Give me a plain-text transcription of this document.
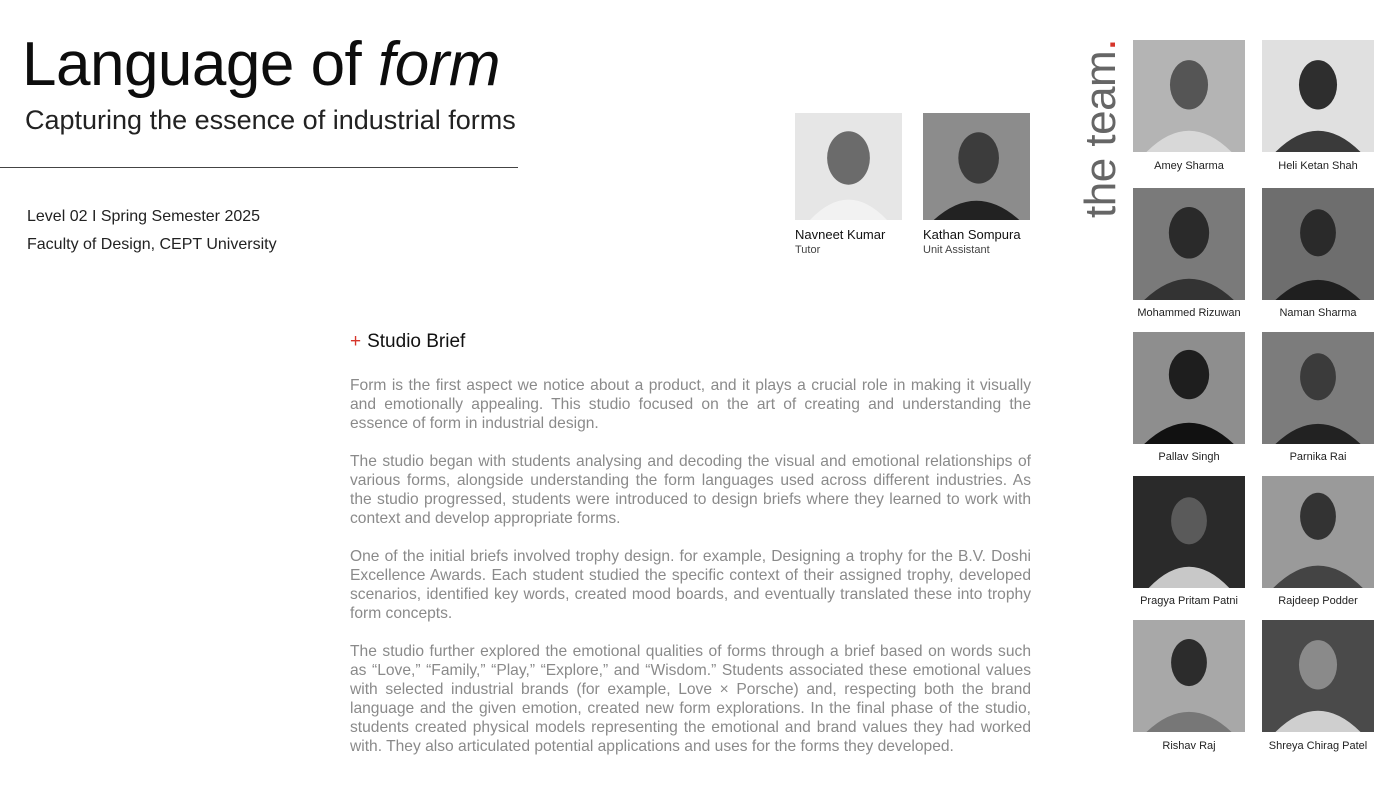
Language of form
Capturing the essence of industrial forms
Level 02 I Spring Semester 2025
Faculty of Design, CEPT University
Navneet Kumar
Tutor
Kathan Sompura
Unit Assistant
+ Studio Brief

Form is the first aspect we notice about a product, and it plays a crucial role in making it visually and emotionally appealing. This studio focused on the art of creating and understanding the essence of form in industrial design.

The studio began with students analysing and decoding the visual and emotional relationships of various forms, alongside understanding the form languages used across different industries. As the studio progressed, students were introduced to design briefs where they learned to work with context and develop appropriate forms.

One of the initial briefs involved trophy design. for example, Designing a trophy for the B.V. Doshi Excellence Awards. Each student studied the specific context of their assigned trophy, developed scenarios, identified key words, created mood boards, and eventually translated these into trophy form concepts.

The studio further explored the emotional qualities of forms through a brief based on words such as “Love,” “Family,” “Play,” “Explore,” and “Wisdom.” Students associated these emotional values with selected industrial brands (for example, Love × Porsche) and, respecting both the brand language and the given emotion, created new form explorations. In the final phase of the studio, students created physical models representing the emotional and brand values they had worked with. They also articulated potential applications and uses for the forms they developed.

the team.
Amey Sharma	Heli Ketan Shah
Mohammed Rizuwan	Naman Sharma
Pallav Singh	Parnika Rai
Pragya Pritam Patni	Rajdeep Podder
Rishav Raj	Shreya Chirag Patel
